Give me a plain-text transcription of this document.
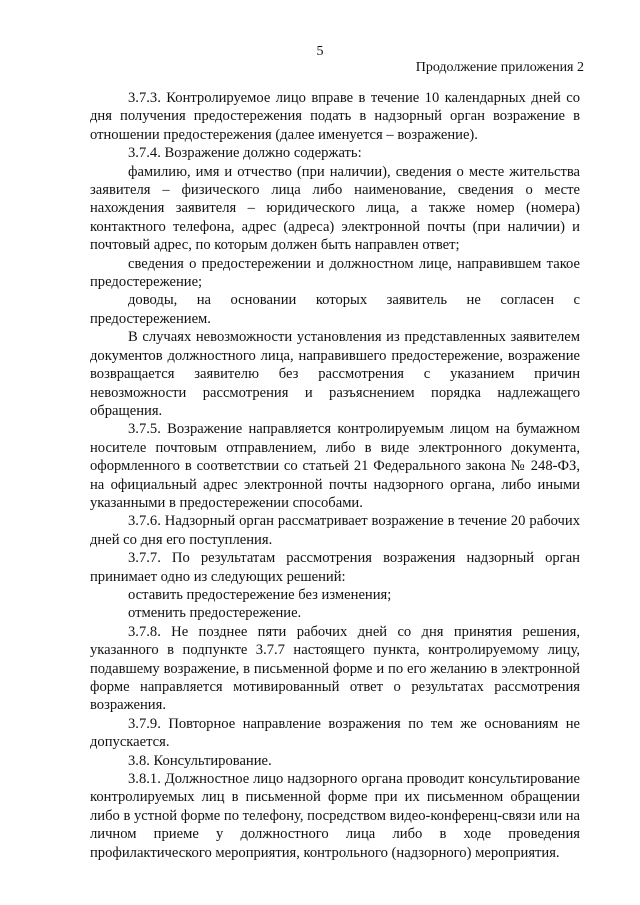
5
Продолжение приложения 2

3.7.3. Контролируемое лицо вправе в течение 10 календарных дней со дня получения предостережения подать в надзорный орган возражение в отношении предостережения (далее именуется – возражение).

3.7.4. Возражение должно содержать:

фамилию, имя и отчество (при наличии), сведения о месте жительства заявителя – физического лица либо наименование, сведения о месте нахождения заявителя – юридического лица, а также номер (номера) контактного телефона, адрес (адреса) электронной почты (при наличии) и почтовый адрес, по которым должен быть направлен ответ;

сведения о предостережении и должностном лице, направившем такое предостережение;

доводы, на основании которых заявитель не согласен с предостережением.

В случаях невозможности установления из представленных заявителем документов должностного лица, направившего предостережение, возражение возвращается заявителю без рассмотрения с указанием причин невозможности рассмотрения и разъяснением порядка надлежащего обращения.

3.7.5. Возражение направляется контролируемым лицом на бумажном носителе почтовым отправлением, либо в виде электронного документа, оформленного в соответствии со статьей 21 Федерального закона № 248-ФЗ, на официальный адрес электронной почты надзорного органа, либо иными указанными в предостережении способами.

3.7.6. Надзорный орган рассматривает возражение в течение 20 рабочих дней со дня его поступления.

3.7.7. По результатам рассмотрения возражения надзорный орган принимает одно из следующих решений:

оставить предостережение без изменения;

отменить предостережение.

3.7.8. Не позднее пяти рабочих дней со дня принятия решения, указанного в подпункте 3.7.7 настоящего пункта, контролируемому лицу, подавшему возражение, в письменной форме и по его желанию в электронной форме направляется мотивированный ответ о результатах рассмотрения возражения.

3.7.9. Повторное направление возражения по тем же основаниям не допускается.

3.8. Консультирование.

3.8.1. Должностное лицо надзорного органа проводит консультирование контролируемых лиц в письменной форме при их письменном обращении либо в устной форме по телефону, посредством видео-конференц-связи или на личном приеме у должностного лица либо в ходе проведения профилактического мероприятия, контрольного (надзорного) мероприятия.
